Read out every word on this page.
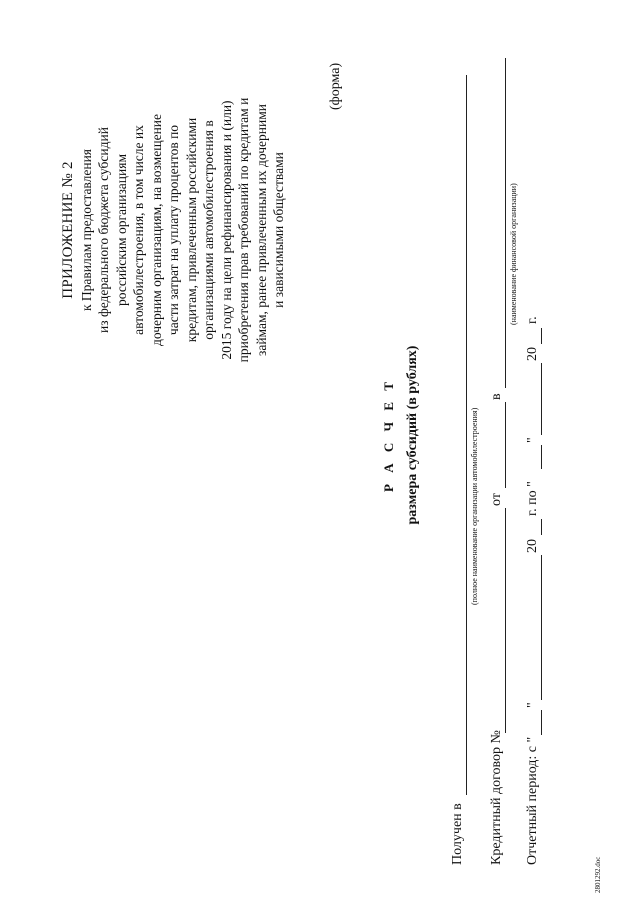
ПРИЛОЖЕНИЕ № 2 к Правилам предоставления из федерального бюджета субсидий российским организациям автомобилестроения, в том числе их дочерним организациям, на возмещение части затрат на уплату процентов по кредитам, привлеченным российскими организациями автомобилестроения в 2015 году на цели рефинансирования и (или) приобретения прав требований по кредитам и займам, ранее привлеченным их дочерними и зависимыми обществами
(форма)
Р А С Ч Е Т размера субсидий (в рублях)
Получен в
(полное наименование организации автомобилестроения)
Кредитный договор №
от
в
(наименование финансовой организации)
Отчетный период: с "
"
20
г. по "
"
20
г.
2801292.doc
